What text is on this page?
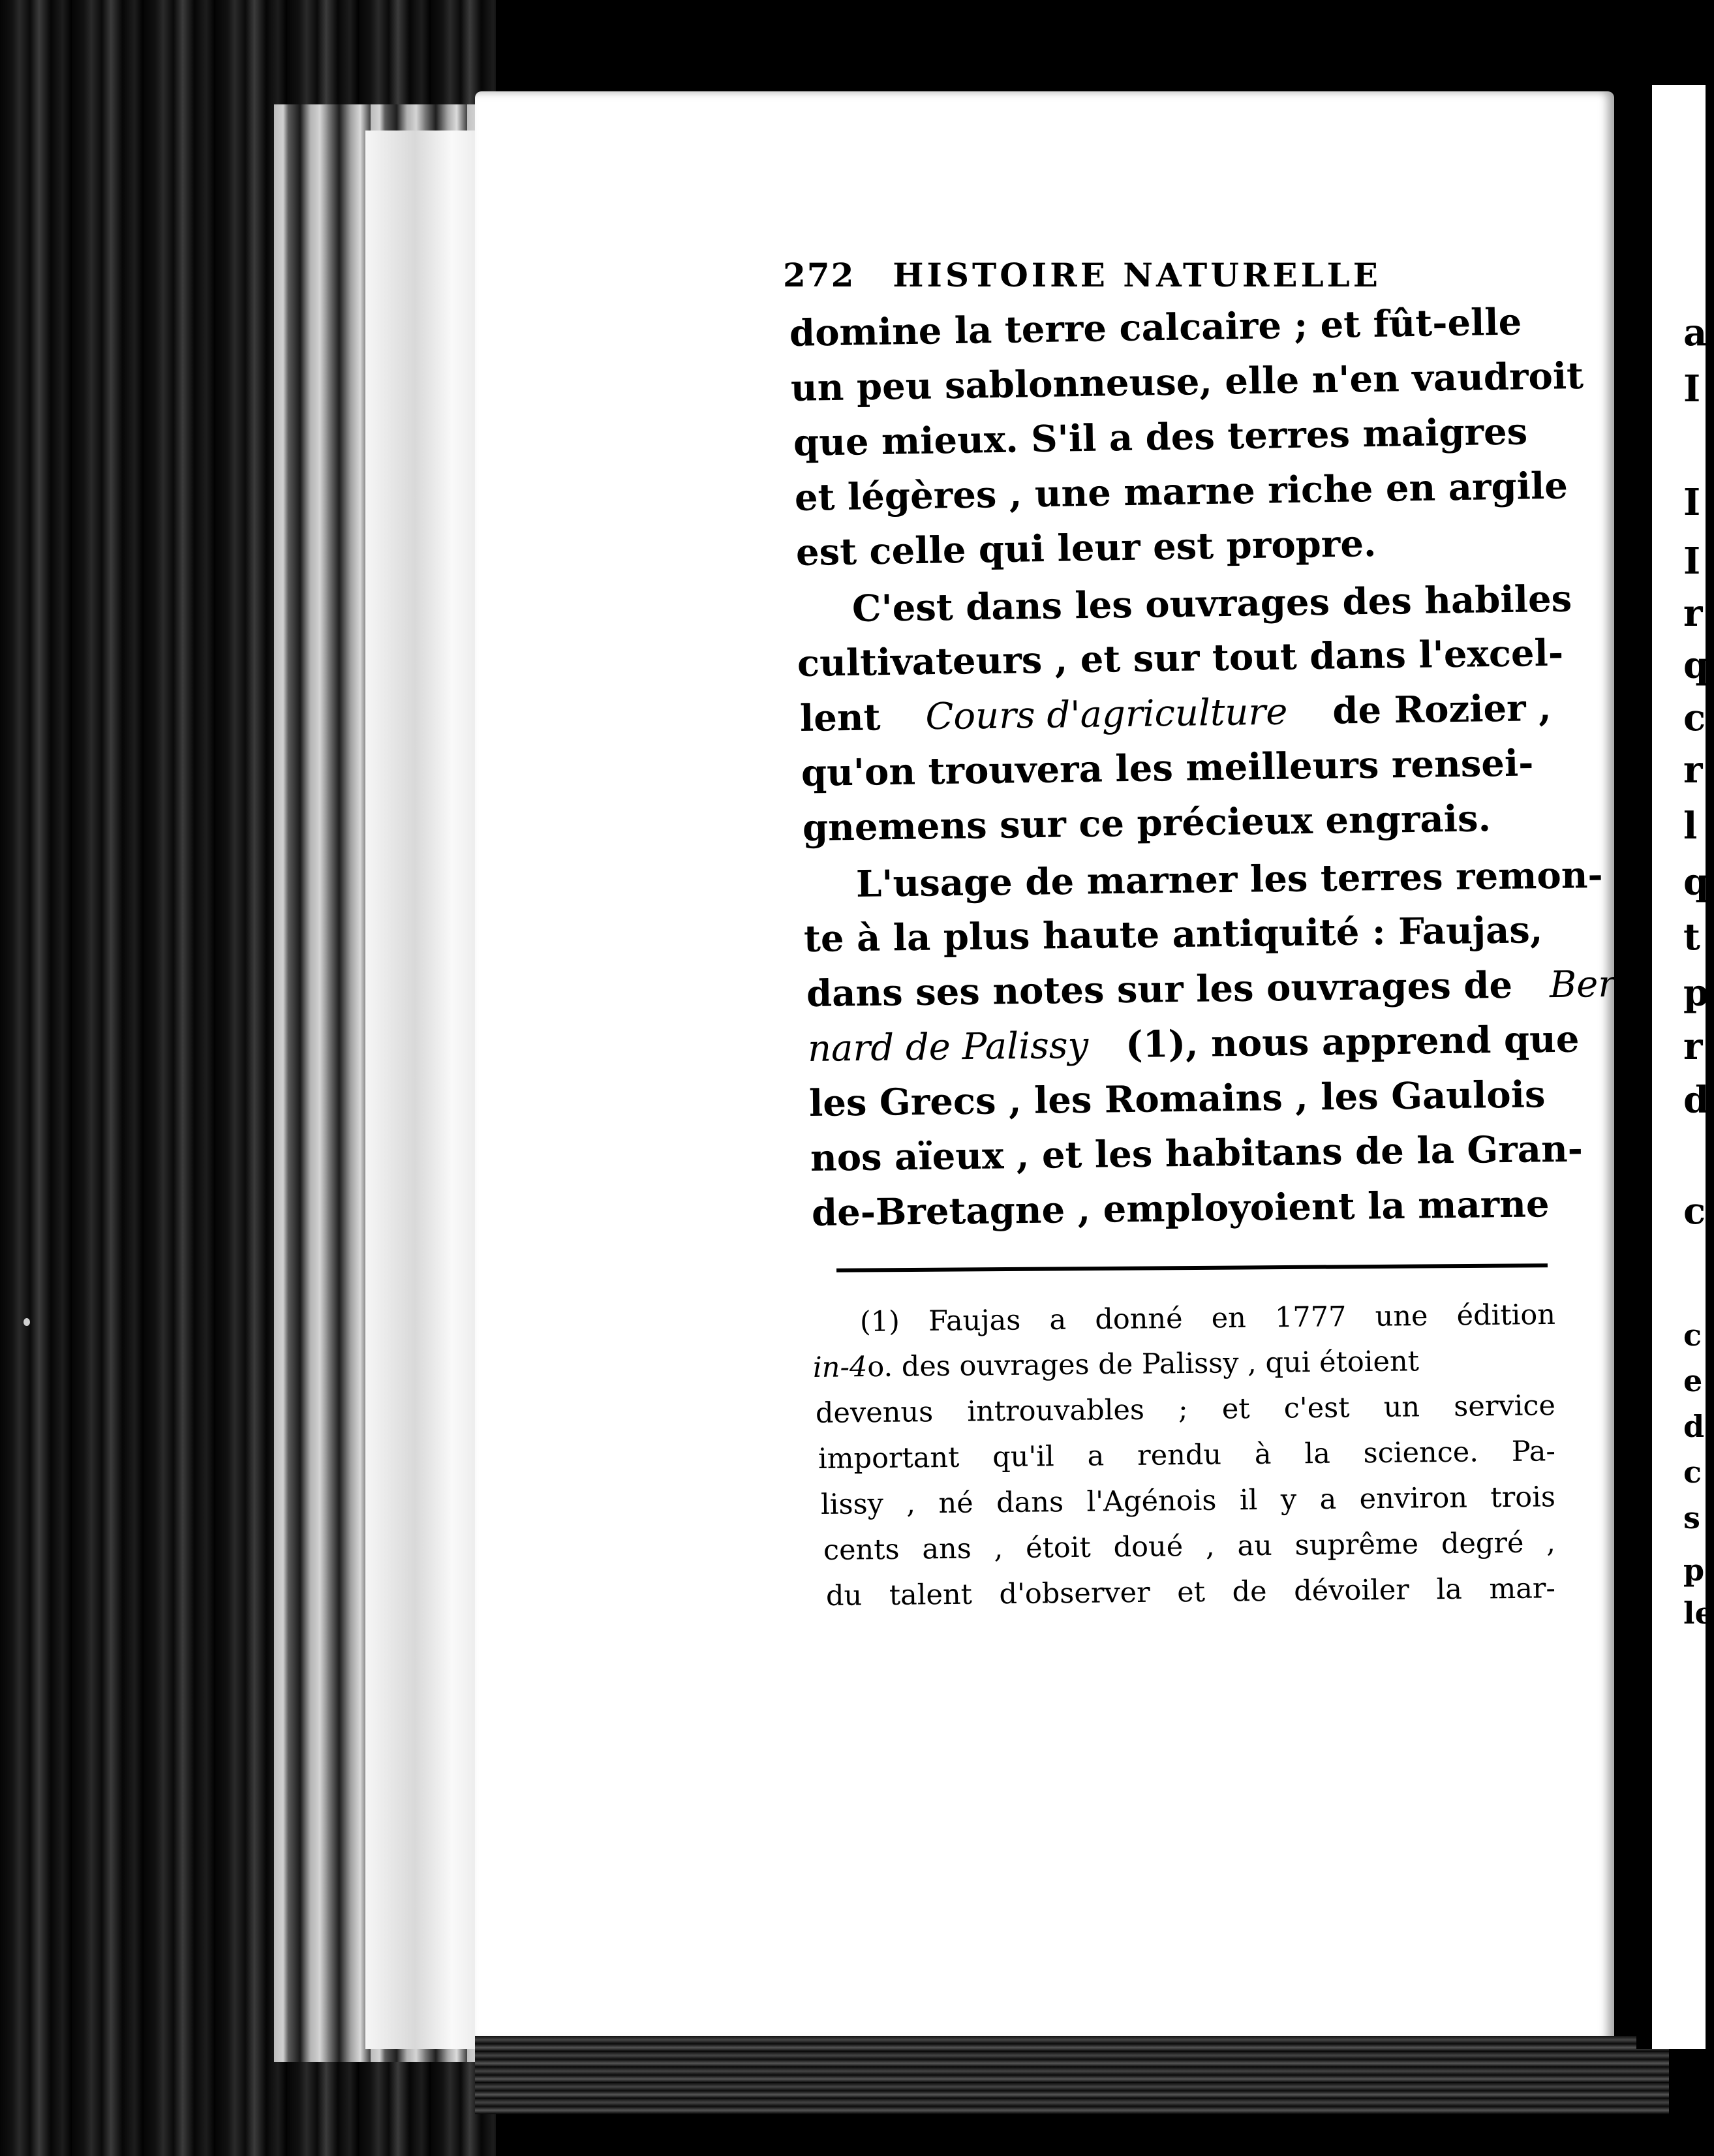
272 HISTOIRE NATURELLE
domine la terre calcaire ; et fût-elle
un peu sablonneuse, elle n'en vaudroit
que mieux. S'il a des terres maigres
et légères , une marne riche en argile
est celle qui leur est propre.
C'est dans les ouvrages des habiles
cultivateurs , et sur tout dans l'excel-
lent Cours d'agriculture de Rozier ,
qu'on trouvera les meilleurs rensei-
gnemens sur ce précieux engrais.
L'usage de marner les terres remon-
te à la plus haute antiquité : Faujas,
dans ses notes sur les ouvrages de Ber-
nard de Palissy (1), nous apprend que
les Grecs , les Romains , les Gaulois
nos aïeux , et les habitans de la Gran-
de-Bretagne , employoient la marne
(1) Faujas a donné en 1777 une édition
in-4o. des ouvrages de Palissy , qui étoient
devenus introuvables ; et c'est un service
important qu'il a rendu à la science. Pa-
lissy , né dans l'Agénois il y a environ trois
cents ans , étoit doué , au suprême degré ,
du talent d'observer et de dévoiler la mar-
a
I
I
I
r
q
c
r
l
q
t
p
r
d
c
c
e
d
c
s
p
le
